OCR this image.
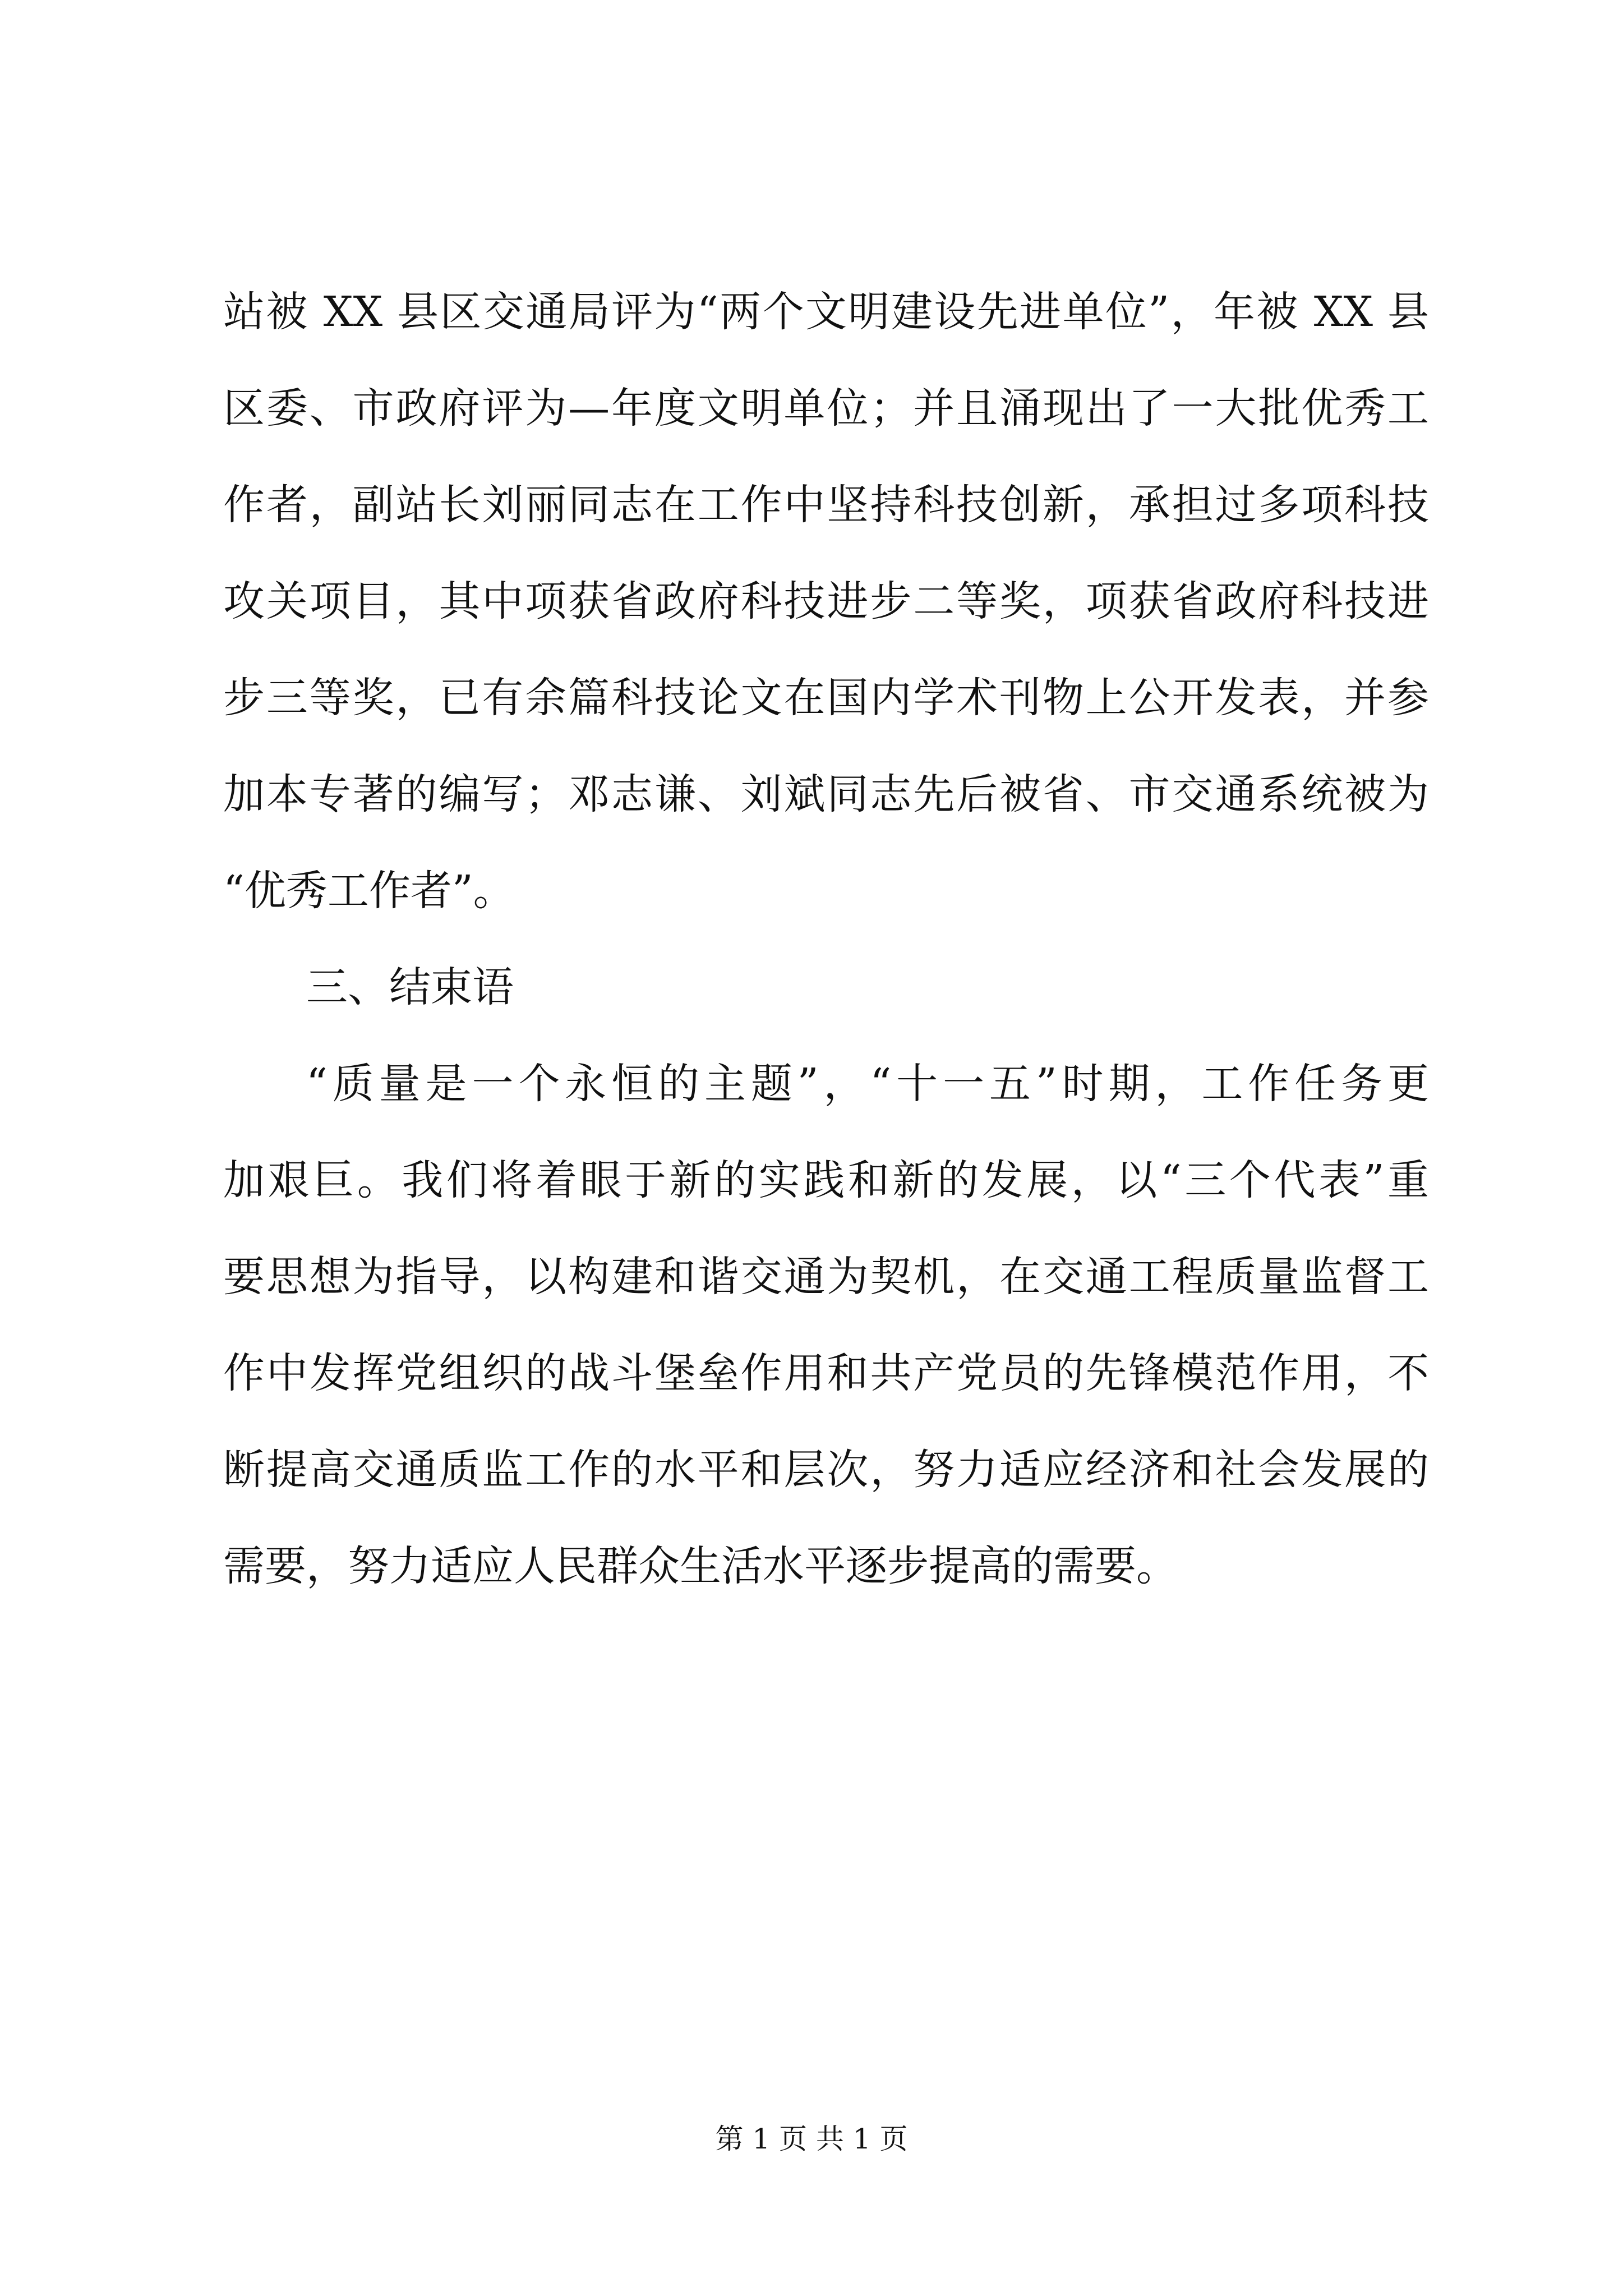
站被 XX 县区交通局评为“两个文明建设先进单位”，年被 XX 县
区委、市政府评为—年度文明单位；并且涌现出了一大批优秀工
作者，副站长刘丽同志在工作中坚持科技创新，承担过多项科技
攻关项目，其中项获省政府科技进步二等奖，项获省政府科技进
步三等奖，已有余篇科技论文在国内学术刊物上公开发表，并参
加本专著的编写；邓志谦、刘斌同志先后被省、市交通系统被为
“优秀工作者”。
三、结束语
“质量是一个永恒的主题”，“十一五”时期，工作任务更
加艰巨。我们将着眼于新的实践和新的发展，以“三个代表”重
要思想为指导，以构建和谐交通为契机，在交通工程质量监督工
作中发挥党组织的战斗堡垒作用和共产党员的先锋模范作用，不
断提高交通质监工作的水平和层次，努力适应经济和社会发展的
需要，努力适应人民群众生活水平逐步提高的需要。
第 1 页 共 1 页
